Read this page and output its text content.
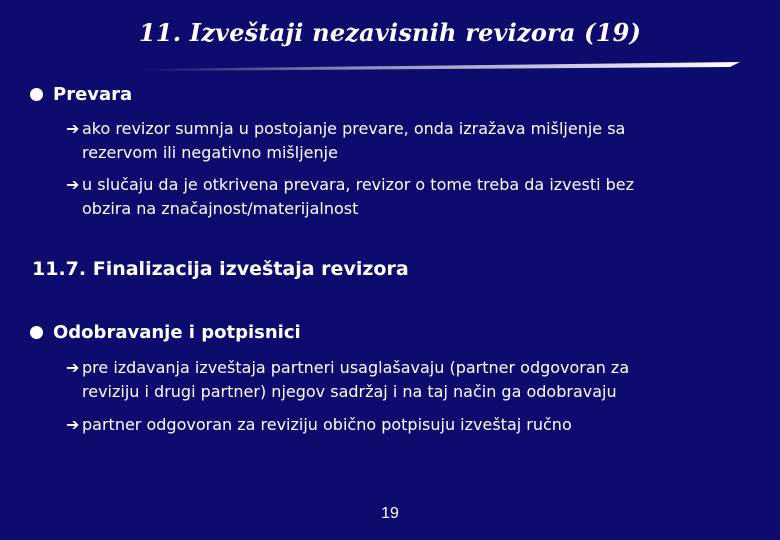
11. Izveštaji nezavisnih revizora (19)
Prevara
➔ ako revizor sumnja u postojanje prevare, onda izražava mišljenje sa
rezervom ili negativno mišljenje
➔ u slučaju da je otkrivena prevara, revizor o tome treba da izvesti bez
obzira na značajnost/materijalnost
11.7. Finalizacija izveštaja revizora
Odobravanje i potpisnici
➔ pre izdavanja izveštaja partneri usaglašavaju (partner odgovoran za
reviziju i drugi partner) njegov sadržaj i na taj način ga odobravaju
➔ partner odgovoran za reviziju obično potpisuju izveštaj ručno
19
